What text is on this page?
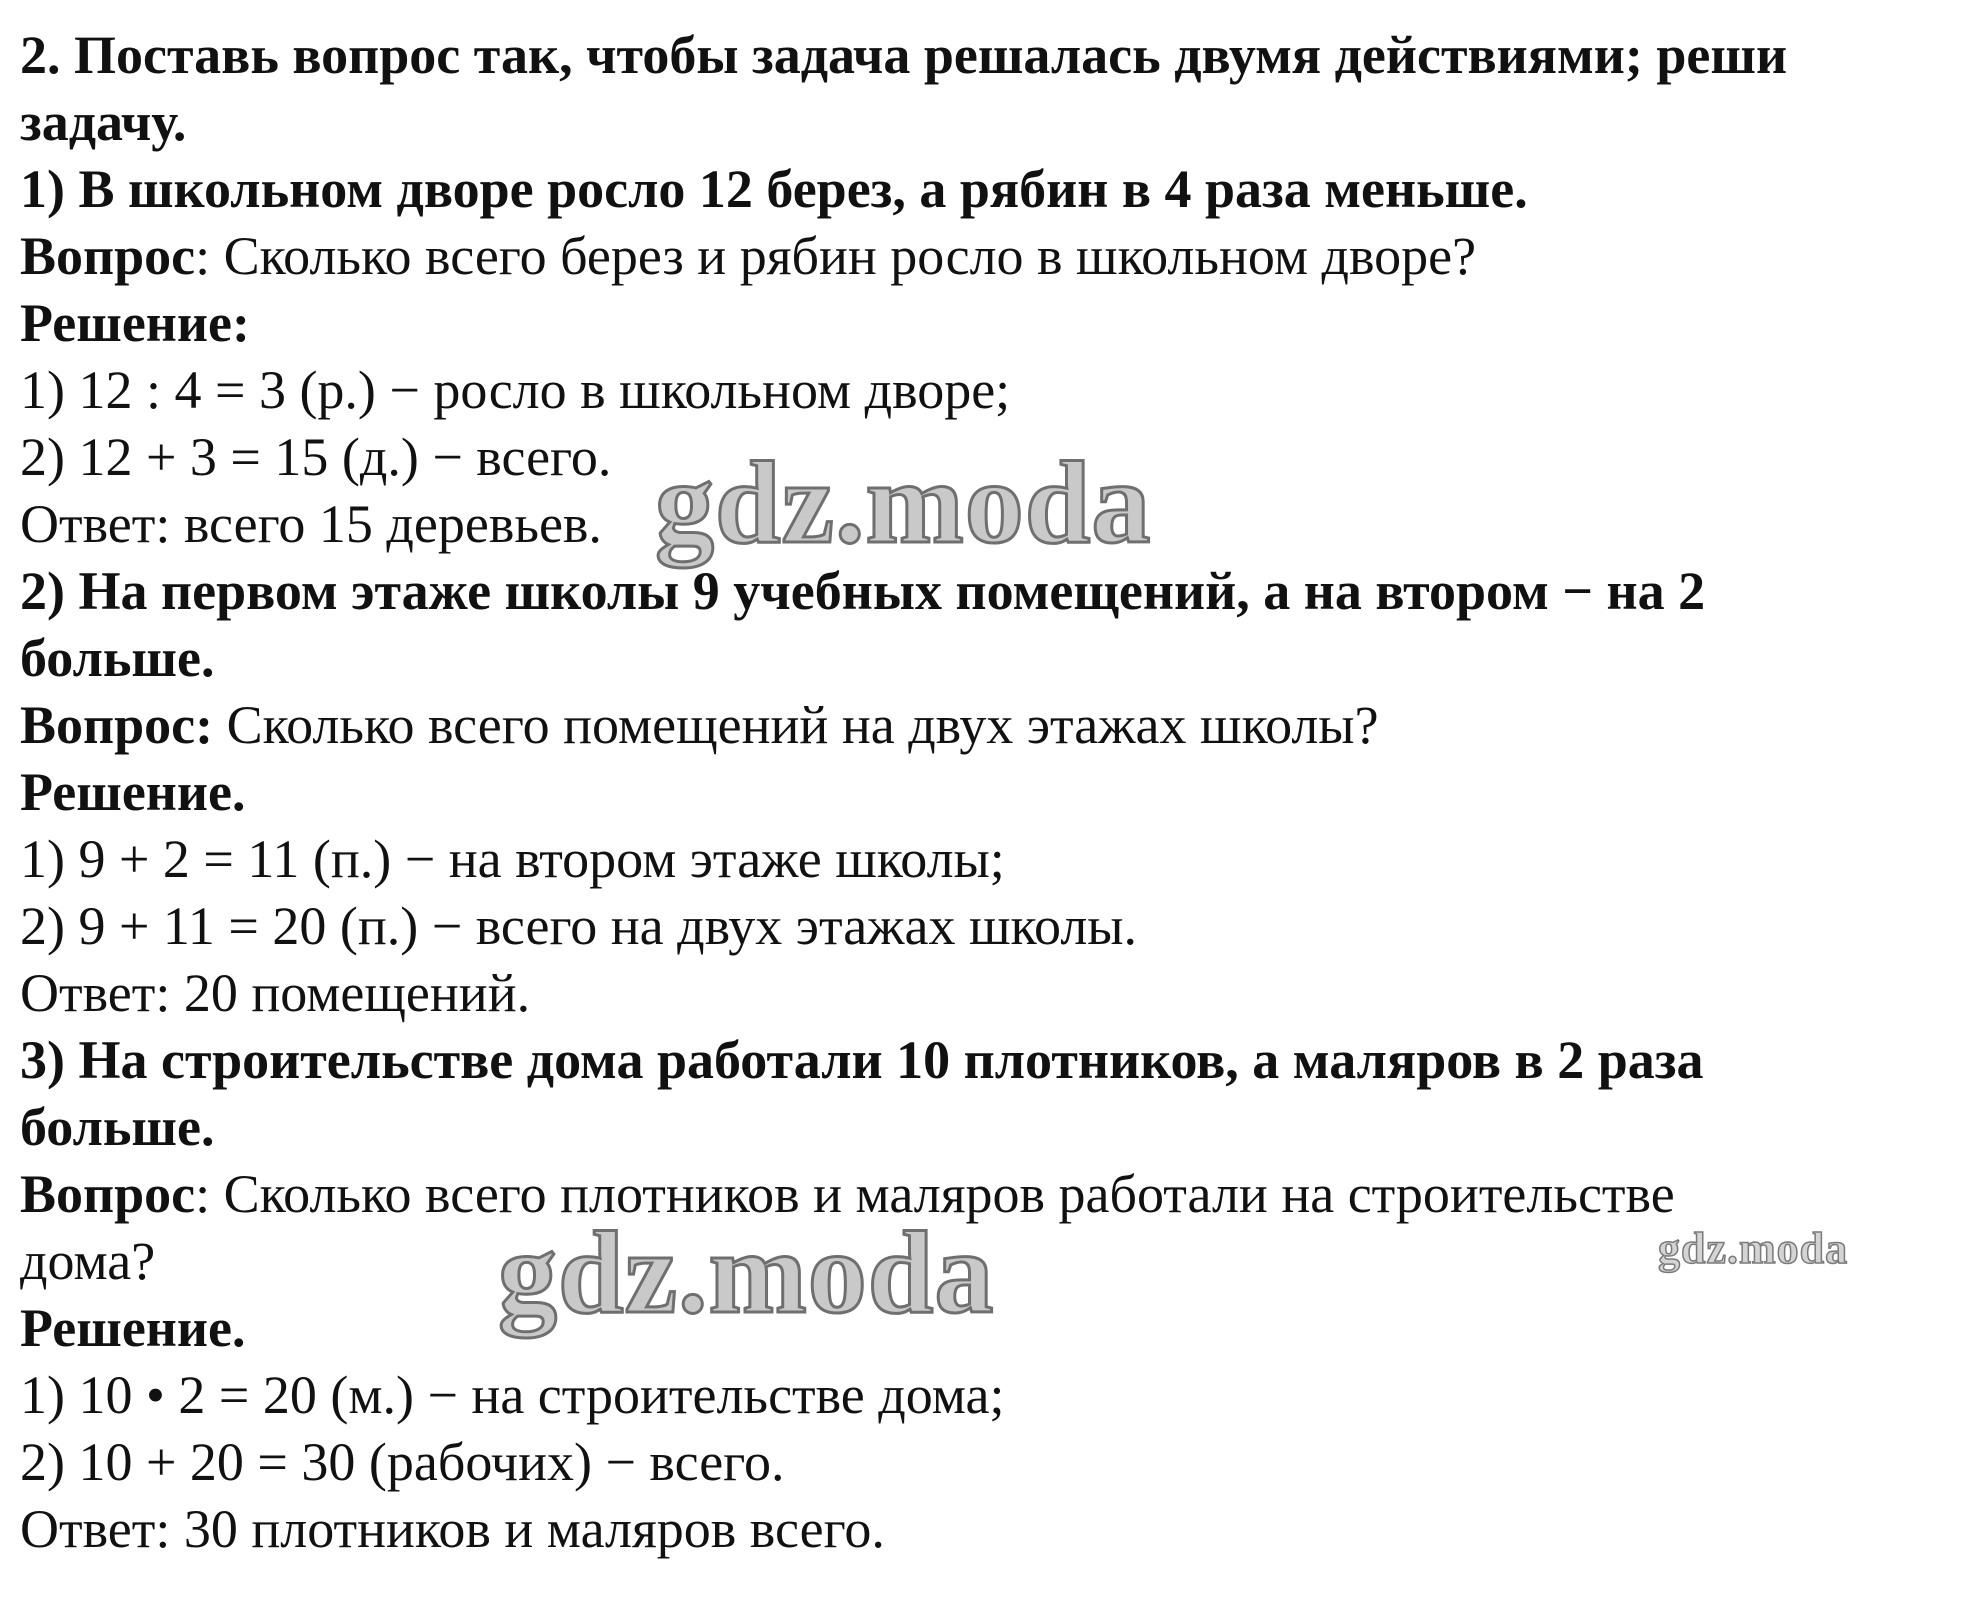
2. Поставь вопрос так, чтобы задача решалась двумя действиями; реши
задачу.
1) В школьном дворе росло 12 берез, а рябин в 4 раза меньше.
Вопрос: Сколько всего берез и рябин росло в школьном дворе?
Решение:
1) 12 : 4 = 3 (р.) − росло в школьном дворе;
2) 12 + 3 = 15 (д.) − всего.
Ответ: всего 15 деревьев.
2) На первом этаже школы 9 учебных помещений, а на втором − на 2
больше.
Вопрос: Сколько всего помещений на двух этажах школы?
Решение.
1) 9 + 2 = 11 (п.) − на втором этаже школы;
2) 9 + 11 = 20 (п.) − всего на двух этажах школы.
Ответ: 20 помещений.
3) На строительстве дома работали 10 плотников, а маляров в 2 раза
больше.
Вопрос: Сколько всего плотников и маляров работали на строительстве
дома?
Решение.
1) 10 • 2 = 20 (м.) − на строительстве дома;
2) 10 + 20 = 30 (рабочих) − всего.
Ответ: 30 плотников и маляров всего.
gdz.moda
gdz.moda	gdz.moda
